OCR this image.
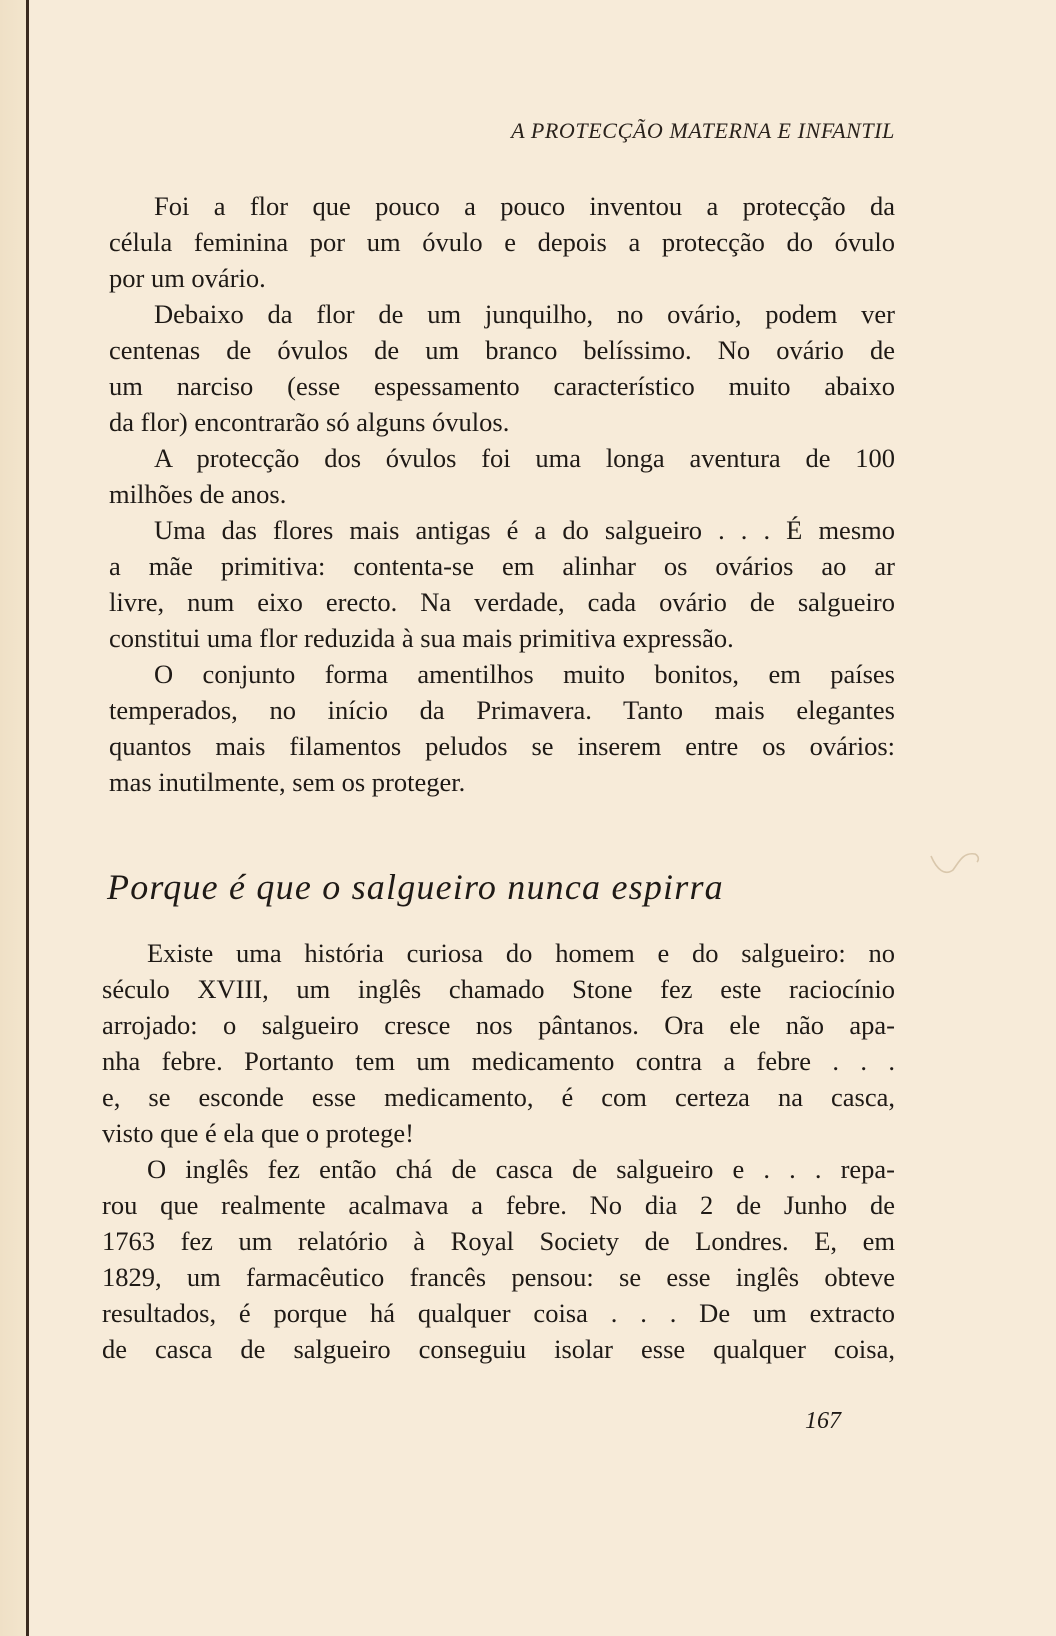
A PROTECÇÃO MATERNA E INFANTIL
Foi a flor que pouco a pouco inventou a protecção da
célula feminina por um óvulo e depois a protecção do óvulo
por um ovário.
Debaixo da flor de um junquilho, no ovário, podem ver
centenas de óvulos de um branco belíssimo. No ovário de
um narciso (esse espessamento característico muito abaixo
da flor) encontrarão só alguns óvulos.
A protecção dos óvulos foi uma longa aventura de 100
milhões de anos.
Uma das flores mais antigas é a do salgueiro . . . É mesmo
a mãe primitiva: contenta-se em alinhar os ovários ao ar
livre, num eixo erecto. Na verdade, cada ovário de salgueiro
constitui uma flor reduzida à sua mais primitiva expressão.
O conjunto forma amentilhos muito bonitos, em países
temperados, no início da Primavera. Tanto mais elegantes
quantos mais filamentos peludos se inserem entre os ovários:
mas inutilmente, sem os proteger.
Porque é que o salgueiro nunca espirra
Existe uma história curiosa do homem e do salgueiro: no
século XVIII, um inglês chamado Stone fez este raciocínio
arrojado: o salgueiro cresce nos pântanos. Ora ele não apa-
nha febre. Portanto tem um medicamento contra a febre . . .
e, se esconde esse medicamento, é com certeza na casca,
visto que é ela que o protege!
O inglês fez então chá de casca de salgueiro e . . . repa-
rou que realmente acalmava a febre. No dia 2 de Junho de
1763 fez um relatório à Royal Society de Londres. E, em
1829, um farmacêutico francês pensou: se esse inglês obteve
resultados, é porque há qualquer coisa . . . De um extracto
de casca de salgueiro conseguiu isolar esse qualquer coisa,
167
